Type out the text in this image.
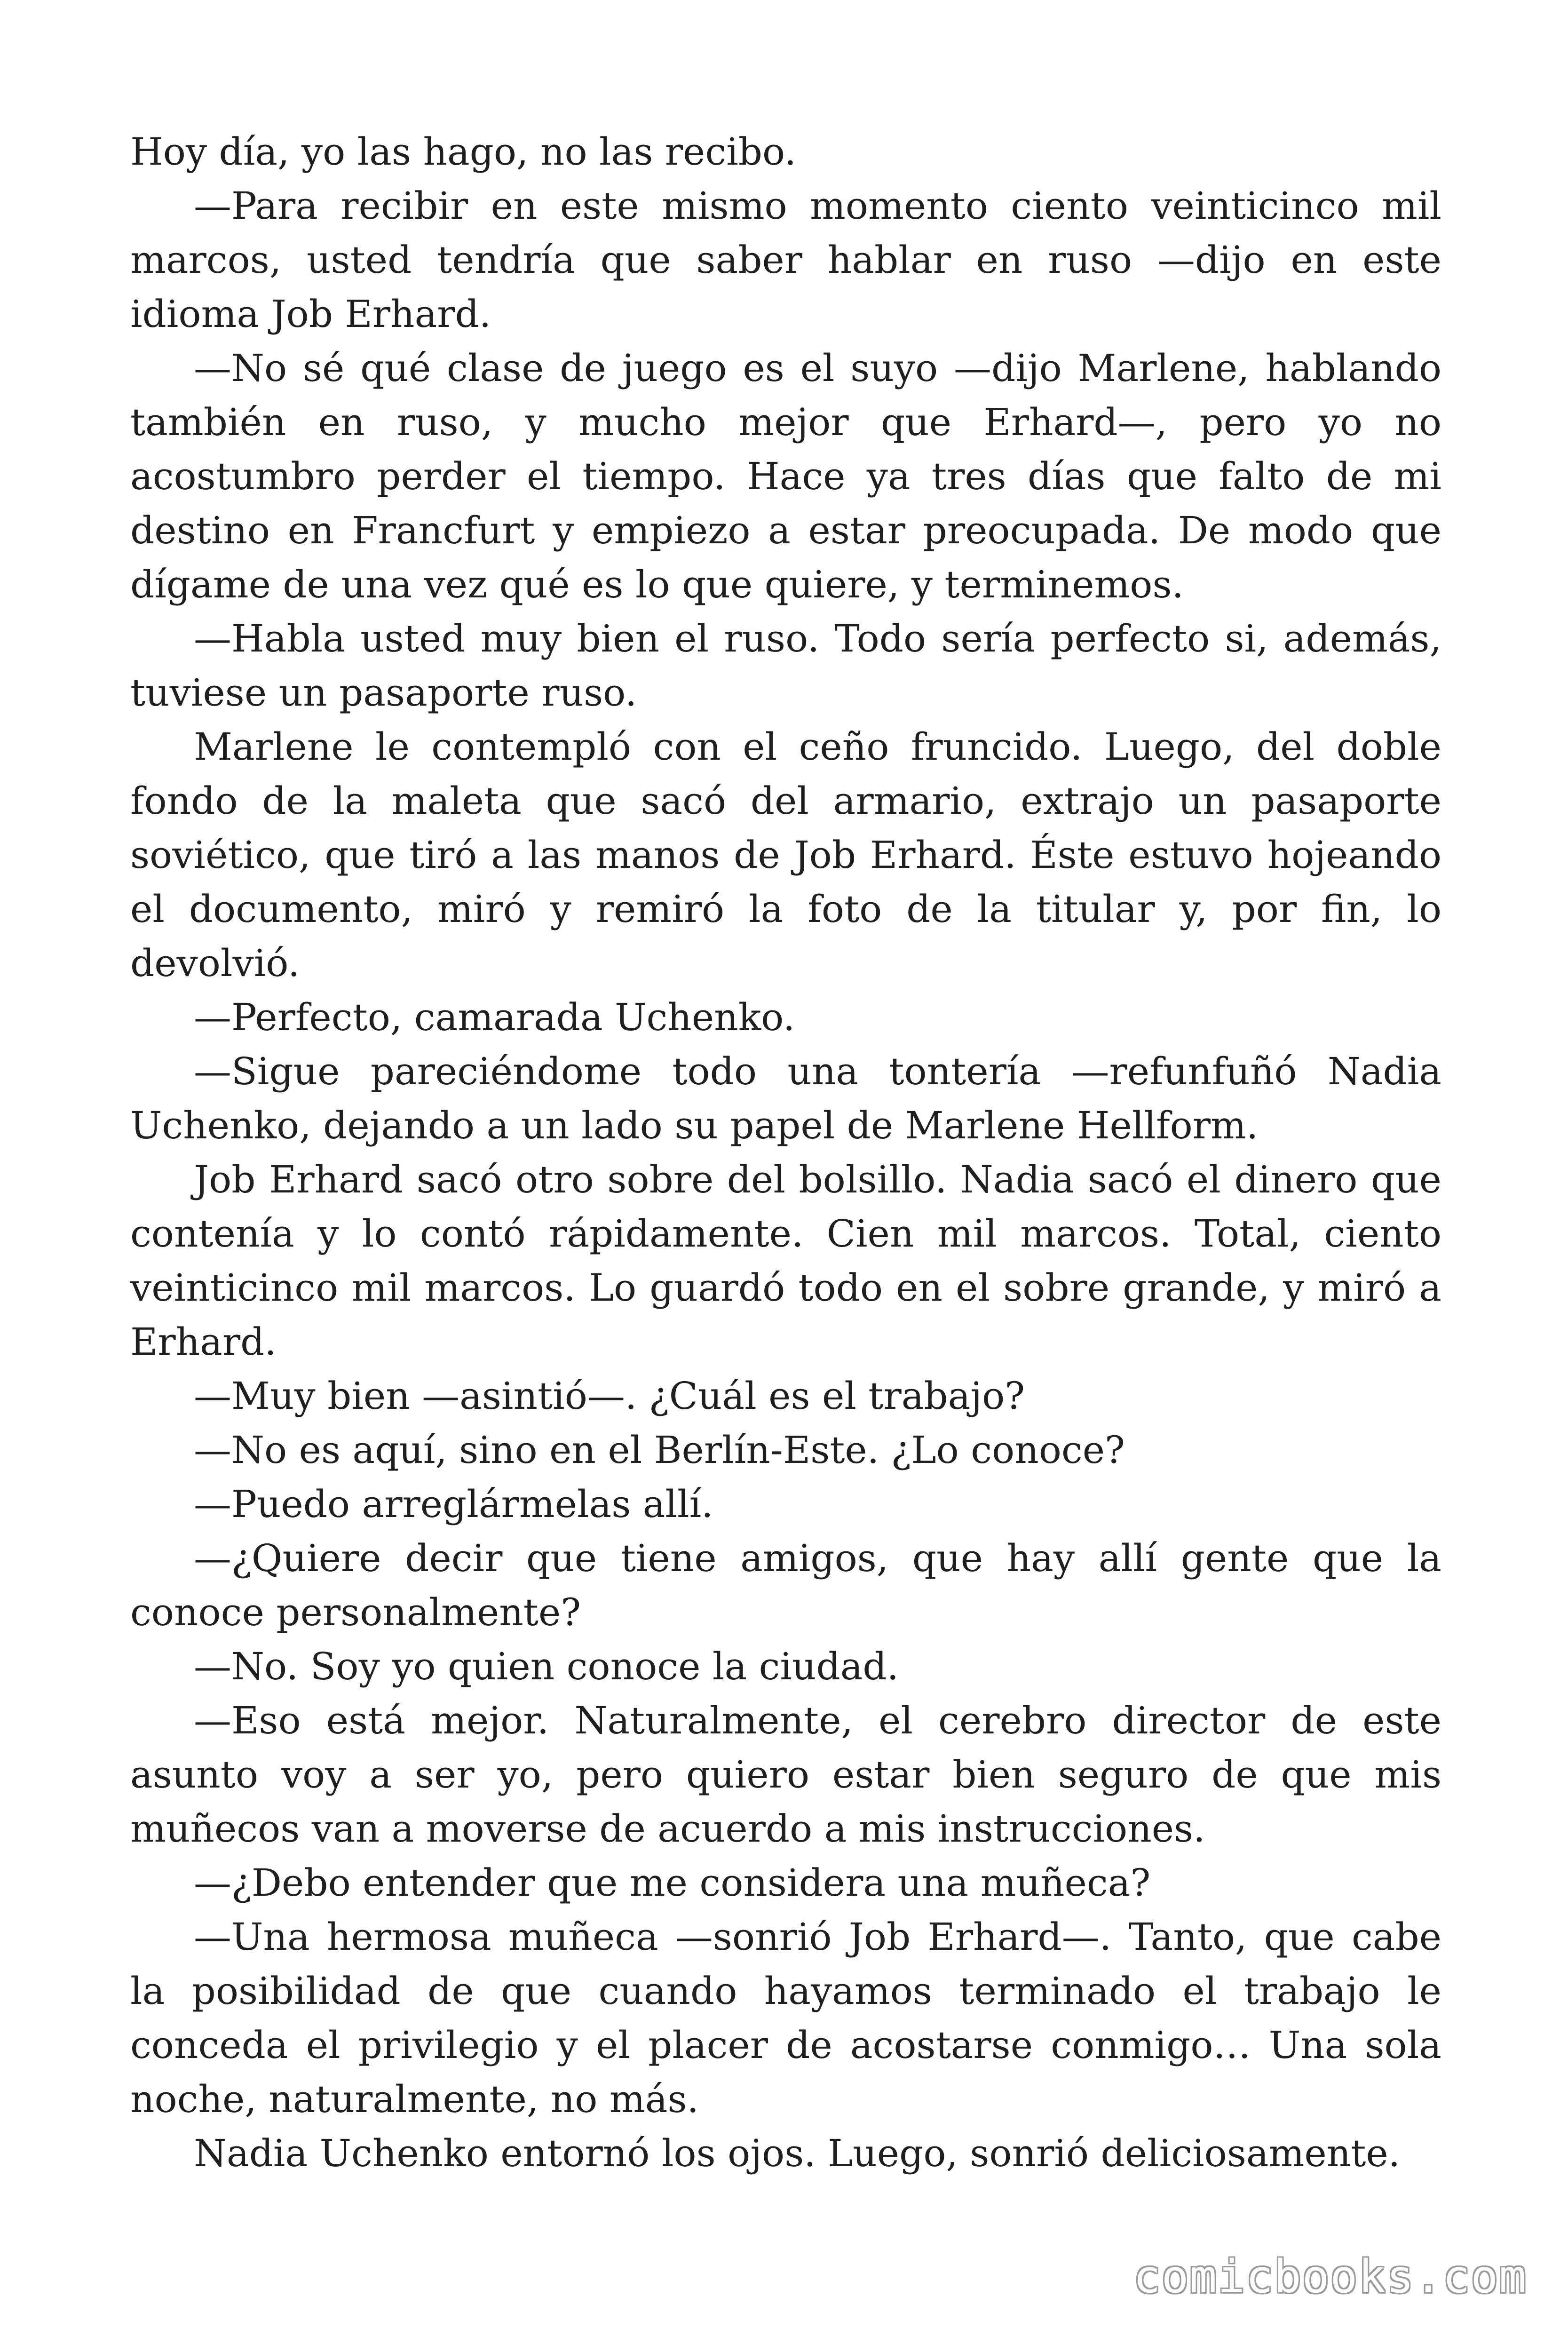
Hoy día, yo las hago, no las recibo.

—Para recibir en este mismo momento ciento veinticinco mil marcos, usted tendría que saber hablar en ruso —dijo en este idioma Job Erhard.

—No sé qué clase de juego es el suyo —dijo Marlene, hablando también en ruso, y mucho mejor que Erhard—, pero yo no acostumbro perder el tiempo. Hace ya tres días que falto de mi destino en Francfurt y empiezo a estar preocupada. De modo que dígame de una vez qué es lo que quiere, y terminemos.

—Habla usted muy bien el ruso. Todo sería perfecto si, además, tuviese un pasaporte ruso.

Marlene le contempló con el ceño fruncido. Luego, del doble fondo de la maleta que sacó del armario, extrajo un pasaporte soviético, que tiró a las manos de Job Erhard. Éste estuvo hojeando el documento, miró y remiró la foto de la titular y, por fin, lo devolvió.

—Perfecto, camarada Uchenko.

—Sigue pareciéndome todo una tontería —refunfuñó Nadia Uchenko, dejando a un lado su papel de Marlene Hellform.

Job Erhard sacó otro sobre del bolsillo. Nadia sacó el dinero que contenía y lo contó rápidamente. Cien mil marcos. Total, ciento veinticinco mil marcos. Lo guardó todo en el sobre grande, y miró a Erhard.

—Muy bien —asintió—. ¿Cuál es el trabajo?

—No es aquí, sino en el Berlín-Este. ¿Lo conoce?

—Puedo arreglármelas allí.

—¿Quiere decir que tiene amigos, que hay allí gente que la conoce personalmente?

—No. Soy yo quien conoce la ciudad.

—Eso está mejor. Naturalmente, el cerebro director de este asunto voy a ser yo, pero quiero estar bien seguro de que mis muñecos van a moverse de acuerdo a mis instrucciones.

—¿Debo entender que me considera una muñeca?

—Una hermosa muñeca —sonrió Job Erhard—. Tanto, que cabe la posibilidad de que cuando hayamos terminado el trabajo le conceda el privilegio y el placer de acostarse conmigo… Una sola noche, naturalmente, no más.

Nadia Uchenko entornó los ojos. Luego, sonrió deliciosamente.

comicbooks.com
